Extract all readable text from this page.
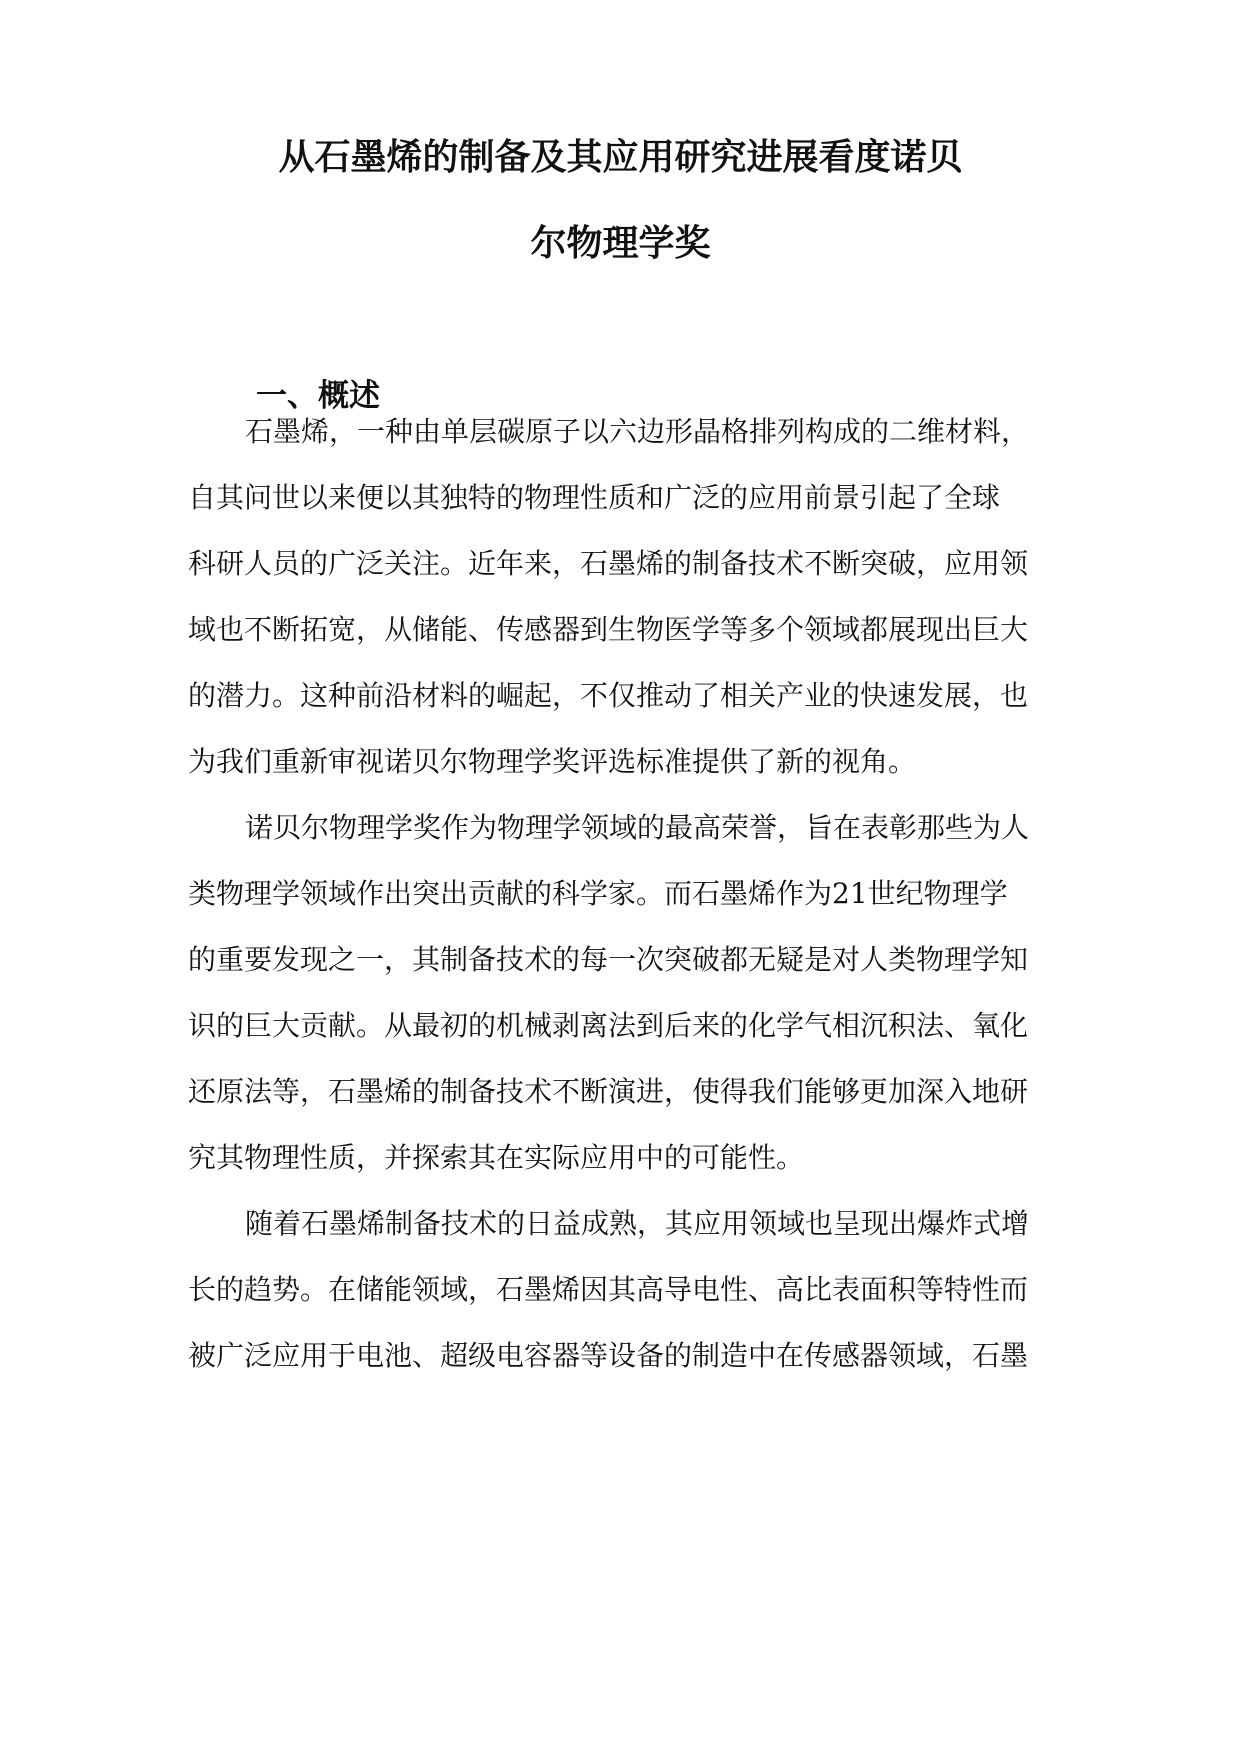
从石墨烯的制备及其应用研究进展看度诺贝
尔物理学奖
一、概述
石墨烯，一种由单层碳原子以六边形晶格排列构成的二维材料，
自其问世以来便以其独特的物理性质和广泛的应用前景引起了全球
科研人员的广泛关注。近年来，石墨烯的制备技术不断突破，应用领
域也不断拓宽，从储能、传感器到生物医学等多个领域都展现出巨大
的潜力。这种前沿材料的崛起，不仅推动了相关产业的快速发展，也
为我们重新审视诺贝尔物理学奖评选标准提供了新的视角。
诺贝尔物理学奖作为物理学领域的最高荣誉，旨在表彰那些为人
类物理学领域作出突出贡献的科学家。而石墨烯作为21世纪物理学
的重要发现之一，其制备技术的每一次突破都无疑是对人类物理学知
识的巨大贡献。从最初的机械剥离法到后来的化学气相沉积法、氧化
还原法等，石墨烯的制备技术不断演进，使得我们能够更加深入地研
究其物理性质，并探索其在实际应用中的可能性。
随着石墨烯制备技术的日益成熟，其应用领域也呈现出爆炸式增
长的趋势。在储能领域，石墨烯因其高导电性、高比表面积等特性而
被广泛应用于电池、超级电容器等设备的制造中在传感器领域，石墨
